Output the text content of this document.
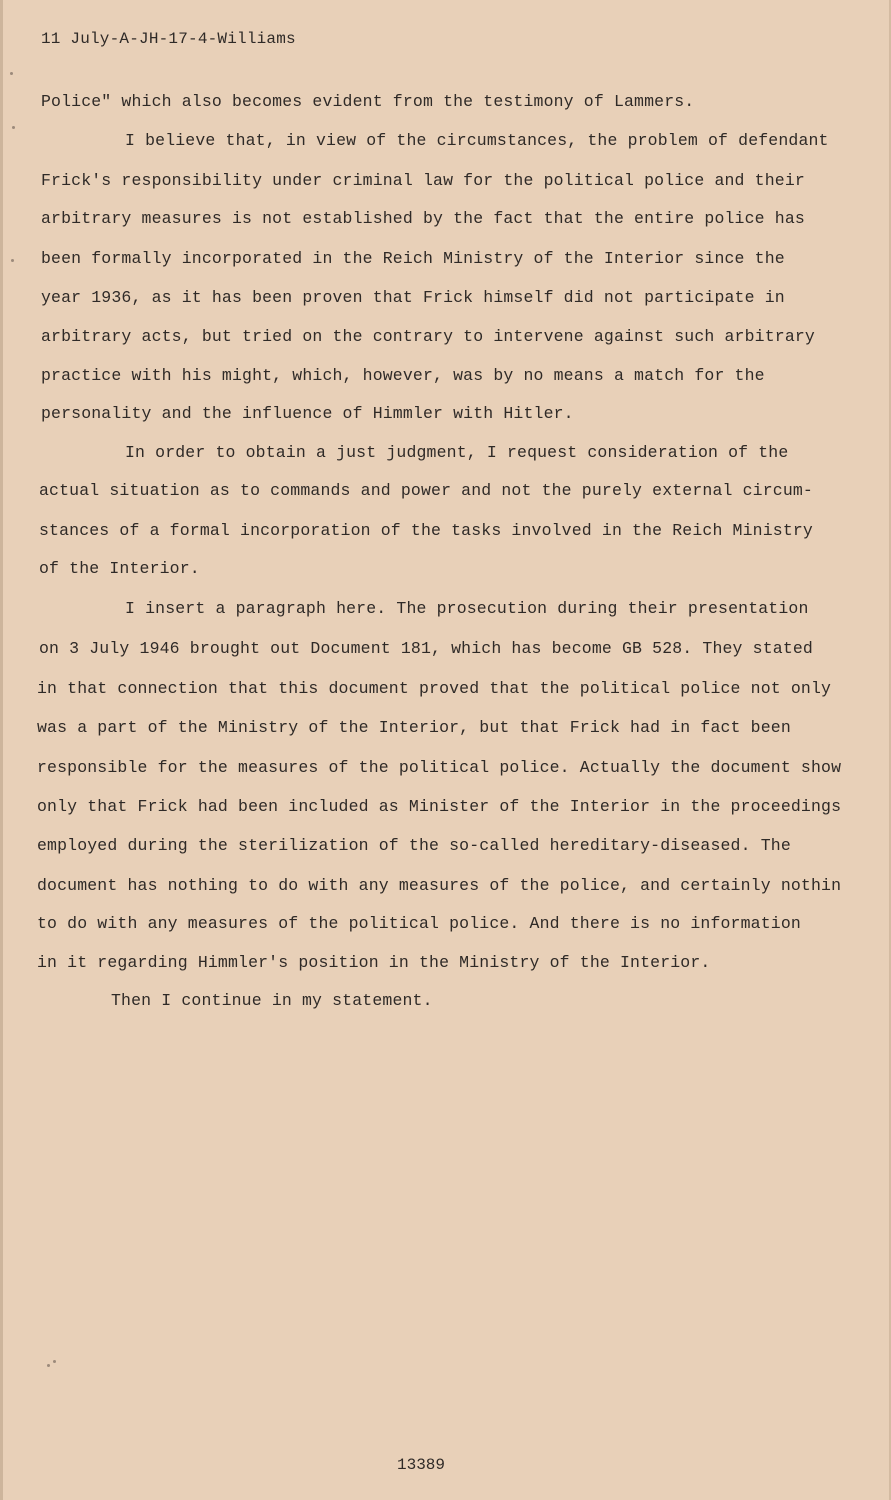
11 July-A-JH-17-4-Williams
Police" which also becomes evident from the testimony of Lammers.
I believe that, in view of the circumstances, the problem of defendant
Frick's responsibility under criminal law for the political police and their
arbitrary measures is not established by the fact that the entire police has
been formally incorporated in the Reich Ministry of the Interior since the
year 1936, as it has been proven that Frick himself did not participate in
arbitrary acts, but tried on the contrary to intervene against such arbitrary
practice with his might, which, however, was by no means a match for the
personality and the influence of Himmler with Hitler.
In order to obtain a just judgment, I request consideration of the
actual situation as to commands and power and not the purely external circum-
stances of a formal incorporation of the tasks involved in the Reich Ministry
of the Interior.
I insert a paragraph here. The prosecution during their presentation
on 3 July 1946 brought out Document 181, which has become GB 528. They stated
in that connection that this document proved that the political police not only
was a part of the Ministry of the Interior, but that Frick had in fact been
responsible for the measures of the political police. Actually the document show
only that Frick had been included as Minister of the Interior in the proceedings
employed during the sterilization of the so-called hereditary-diseased. The
document has nothing to do with any measures of the police, and certainly nothin
to do with any measures of the political police. And there is no information
in it regarding Himmler's position in the Ministry of the Interior.
Then I continue in my statement.
13389
